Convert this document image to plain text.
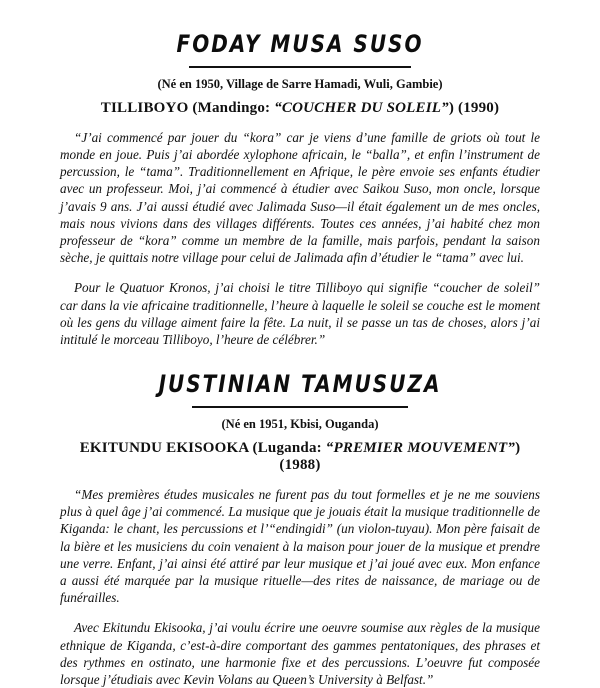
FODAY MUSA SUSO
(Né en 1950, Village de Sarre Hamadi, Wuli, Gambie)
TILLIBOYO (Mandingo: “COUCHER DU SOLEIL”) (1990)

“J’ai commencé par jouer du “kora” car je viens d’une famille de griots où tout le monde en joue. Puis j’ai abordée xylophone africain, le “balla”, et enfin l’instrument de percussion, le “tama”. Traditionnellement en Afrique, le père envoie ses enfants étudier avec un professeur. Moi, j’ai commencé à étudier avec Saikou Suso, mon oncle, lorsque j’avais 9 ans. J’ai aussi étudié avec Jalimada Suso—il était également un de mes oncles, mais nous vivions dans des villages différents. Toutes ces années, j’ai habité chez mon professeur de “kora” comme un membre de la famille, mais parfois, pendant la saison sèche, je quittais notre village pour celui de Jalimada afin d’étudier le “tama” avec lui.

Pour le Quatuor Kronos, j’ai choisi le titre Tilliboyo qui signifie “coucher de soleil” car dans la vie africaine traditionnelle, l’heure à laquelle le soleil se couche est le moment où les gens du village aiment faire la fête. La nuit, il se passe un tas de choses, alors j’ai intitulé le morceau Tilliboyo, l’heure de célébrer.”

JUSTINIAN TAMUSUZA
(Né en 1951, Kbisi, Ouganda)
EKITUNDU EKISOOKA (Luganda: “PREMIER MOUVEMENT”) (1988)

“Mes premières études musicales ne furent pas du tout formelles et je ne me souviens plus à quel âge j’ai commencé. La musique que je jouais était la musique traditionnelle de Kiganda: le chant, les percussions et l’“endingidi” (un violon-tuyau). Mon père faisait de la bière et les musiciens du coin venaient à la maison pour jouer de la musique et prendre une verre. Enfant, j’ai ainsi été attiré par leur musique et j’ai joué avec eux. Mon enfance a aussi été marquée par la musique rituelle—des rites de naissance, de mariage ou de funérailles.

Avec Ekitundu Ekisooka, j’ai voulu écrire une oeuvre soumise aux règles de la musique ethnique de Kiganda, c’est-à-dire comportant des gammes pentatoniques, des phrases et des rythmes en ostinato, une harmonie fixe et des percussions. L’oeuvre fut composée lorsque j’étudiais avec Kevin Volans au Queen’s University à Belfast.”
